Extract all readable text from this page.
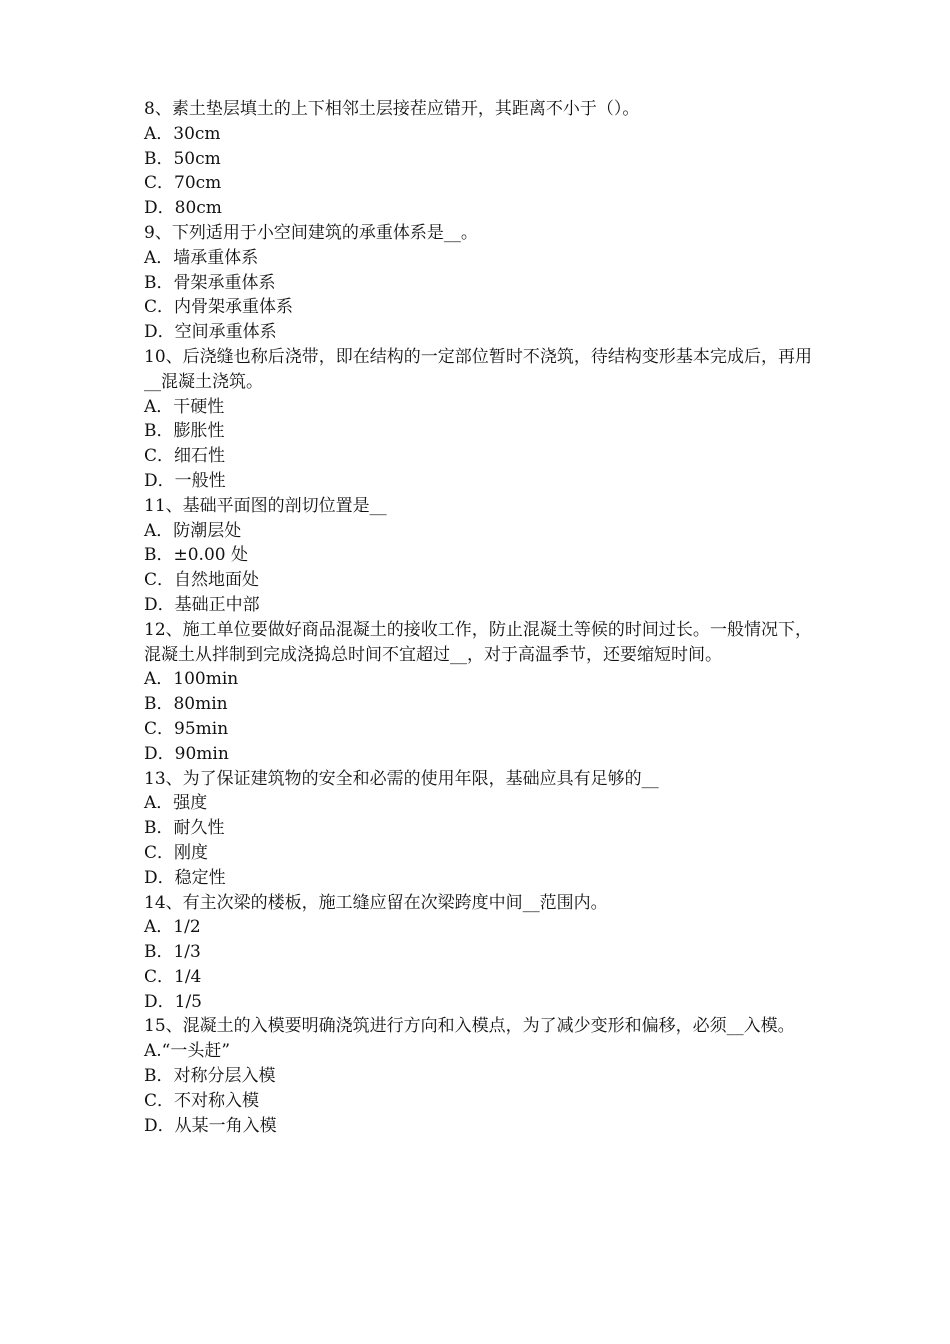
8、素土垫层填土的上下相邻土层接茬应错开，其距离不小于（）。

A．30cm

B．50cm

C．70cm

D．80cm

9、下列适用于小空间建筑的承重体系是__。

A．墙承重体系

B．骨架承重体系

C．内骨架承重体系

D．空间承重体系

10、后浇缝也称后浇带，即在结构的一定部位暂时不浇筑，待结构变形基本完成后，再用__混凝土浇筑。

A．干硬性

B．膨胀性

C．细石性

D．一般性

11、基础平面图的剖切位置是__

A．防潮层处

B．±0.00 处

C．自然地面处

D．基础正中部

12、施工单位要做好商品混凝土的接收工作，防止混凝土等候的时间过长。一般情况下，混凝土从拌制到完成浇捣总时间不宜超过__，对于高温季节，还要缩短时间。

A．100min

B．80min

C．95min

D．90min

13、为了保证建筑物的安全和必需的使用年限，基础应具有足够的__

A．强度

B．耐久性

C．刚度

D．稳定性

14、有主次梁的楼板，施工缝应留在次梁跨度中间__范围内。

A．1/2

B．1/3

C．1/4

D．1/5

15、混凝土的入模要明确浇筑进行方向和入模点，为了减少变形和偏移，必须__入模。

A.“一头赶”

B．对称分层入模

C．不对称入模

D．从某一角入模
